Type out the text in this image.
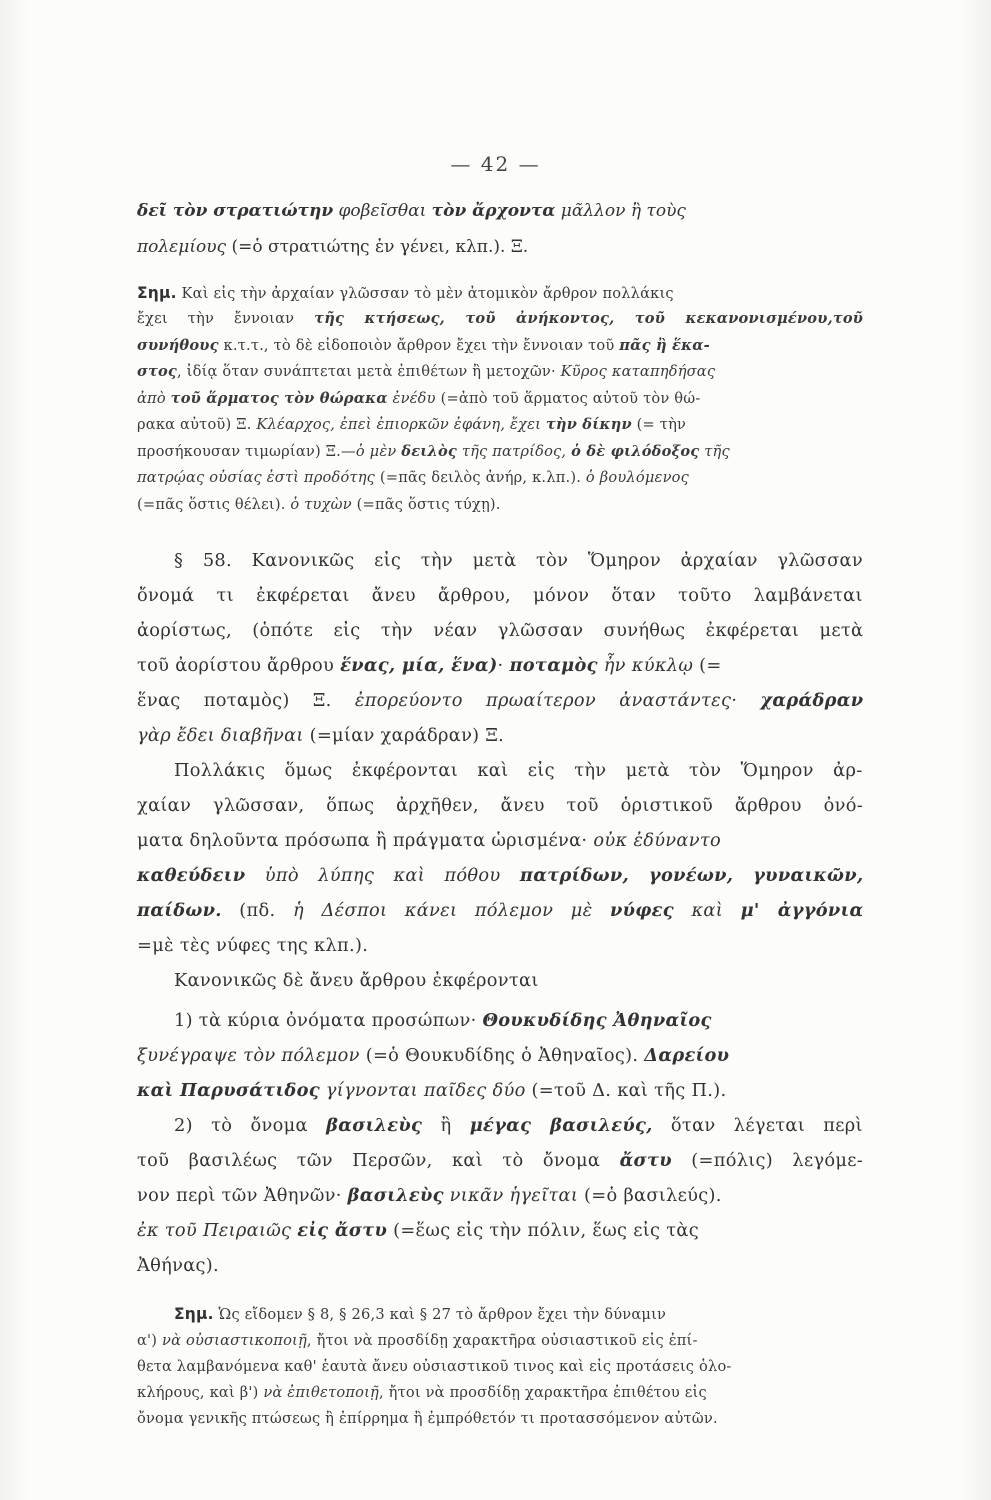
— 42 —
δεῖ τὸν στρατιώτην φοβεῖσθαι τὸν ἄρχοντα μᾶλλον ἢ τοὺς
πολεμίους (=ὁ στρατιώτης ἐν γένει, κλπ.). Ξ.
Σημ. Καὶ εἰς τὴν ἀρχαίαν γλῶσσαν τὸ μὲν ἀτομικὸν ἄρθρον πολλάκις
ἔχει τὴν ἔννοιαν τῆς κτήσεως, τοῦ ἀνήκοντος, τοῦ κεκανονισμένου,τοῦ
συνήθους κ.τ.τ., τὸ δὲ εἰδοποιὸν ἄρθρον ἔχει τὴν ἔννοιαν τοῦ πᾶς ἢ ἕκα-
στος, ἰδίᾳ ὅταν συνάπτεται μετὰ ἐπιθέτων ἢ μετοχῶν· Κῦρος καταπηδήσας
ἀπὸ τοῦ ἅρματος τὸν θώρακα ἐνέδυ (=ἀπὸ τοῦ ἅρματος αὐτοῦ τὸν θώ-
ρακα αὐτοῦ) Ξ. Κλέαρχος, ἐπεὶ ἐπιορκῶν ἐφάνη, ἔχει τὴν δίκην (= τὴν
προσήκουσαν τιμωρίαν) Ξ.—ὁ μὲν δειλὸς τῆς πατρίδος, ὁ δὲ φιλόδοξος τῆς
πατρῴας οὐσίας ἐστὶ προδότης (=πᾶς δειλὸς ἀνήρ, κ.λπ.). ὁ βουλόμενος
(=πᾶς ὅστις θέλει). ὁ τυχὼν (=πᾶς ὅστις τύχῃ).
§ 58. Κανονικῶς εἰς τὴν μετὰ τὸν Ὅμηρον ἀρχαίαν γλῶσσαν
ὄνομά τι ἐκφέρεται ἄνευ ἄρθρου, μόνον ὅταν τοῦτο λαμβάνεται
ἀορίστως, (ὁπότε εἰς τὴν νέαν γλῶσσαν συνήθως ἐκφέρεται μετὰ
τοῦ ἀορίστου ἄρθρου ἕνας, μία, ἕνα)· ποταμὸς ἦν κύκλῳ (=
ἕνας ποταμὸς) Ξ. ἐπορεύοντο πρωαίτερον ἀναστάντες· χαράδραν
γὰρ ἔδει διαβῆναι (=μίαν χαράδραν) Ξ.
Πολλάκις ὅμως ἐκφέρονται καὶ εἰς τὴν μετὰ τὸν Ὅμηρον ἀρ-
χαίαν γλῶσσαν, ὅπως ἀρχῆθεν, ἄνευ τοῦ ὁριστικοῦ ἄρθρου ὀνό-
ματα δηλοῦντα πρόσωπα ἢ πράγματα ὡρισμένα· οὐκ ἐδύναντο
καθεύδειν ὑπὸ λύπης καὶ πόθου πατρίδων, γονέων, γυναικῶν,
παίδων. (πδ. ἡ Δέσποι κάνει πόλεμον μὲ νύφες καὶ μ' ἀγγόνια
=μὲ τὲς νύφες της κλπ.).
Κανονικῶς δὲ ἄνευ ἄρθρου ἐκφέρονται
1) τὰ κύρια ὀνόματα προσώπων· Θουκυδίδης Ἀθηναῖος
ξυνέγραψε τὸν πόλεμον (=ὁ Θουκυδίδης ὁ Ἀθηναῖος). Δαρείου
καὶ Παρυσάτιδος γίγνονται παῖδες δύο (=τοῦ Δ. καὶ τῆς Π.).
2) τὸ ὄνομα βασιλεὺς ἢ μέγας βασιλεύς, ὅταν λέγεται περὶ
τοῦ βασιλέως τῶν Περσῶν, καὶ τὸ ὄνομα ἄστυ (=πόλις) λεγόμε-
νον περὶ τῶν Ἀθηνῶν· βασιλεὺς νικᾶν ἡγεῖται (=ὁ βασιλεύς).
ἐκ τοῦ Πειραιῶς εἰς ἄστυ (=ἕως εἰς τὴν πόλιν, ἕως εἰς τὰς
Ἀθήνας).
Σημ. Ὡς εἴδομεν § 8, § 26,3 καὶ § 27 τὸ ἄρθρον ἔχει τὴν δύναμιν
α') νὰ οὐσιαστικοποιῇ, ἤτοι νὰ προσδίδῃ χαρακτῆρα οὐσιαστικοῦ εἰς ἐπί-
θετα λαμβανόμενα καθ' ἑαυτὰ ἄνευ οὐσιαστικοῦ τινος καὶ εἰς προτάσεις ὁλο-
κλήρους, καὶ β') νὰ ἐπιθετοποιῇ, ἤτοι νὰ προσδίδῃ χαρακτῆρα ἐπιθέτου εἰς
ὄνομα γενικῆς πτώσεως ἢ ἐπίρρημα ἢ ἐμπρόθετόν τι προτασσόμενον αὐτῶν.
